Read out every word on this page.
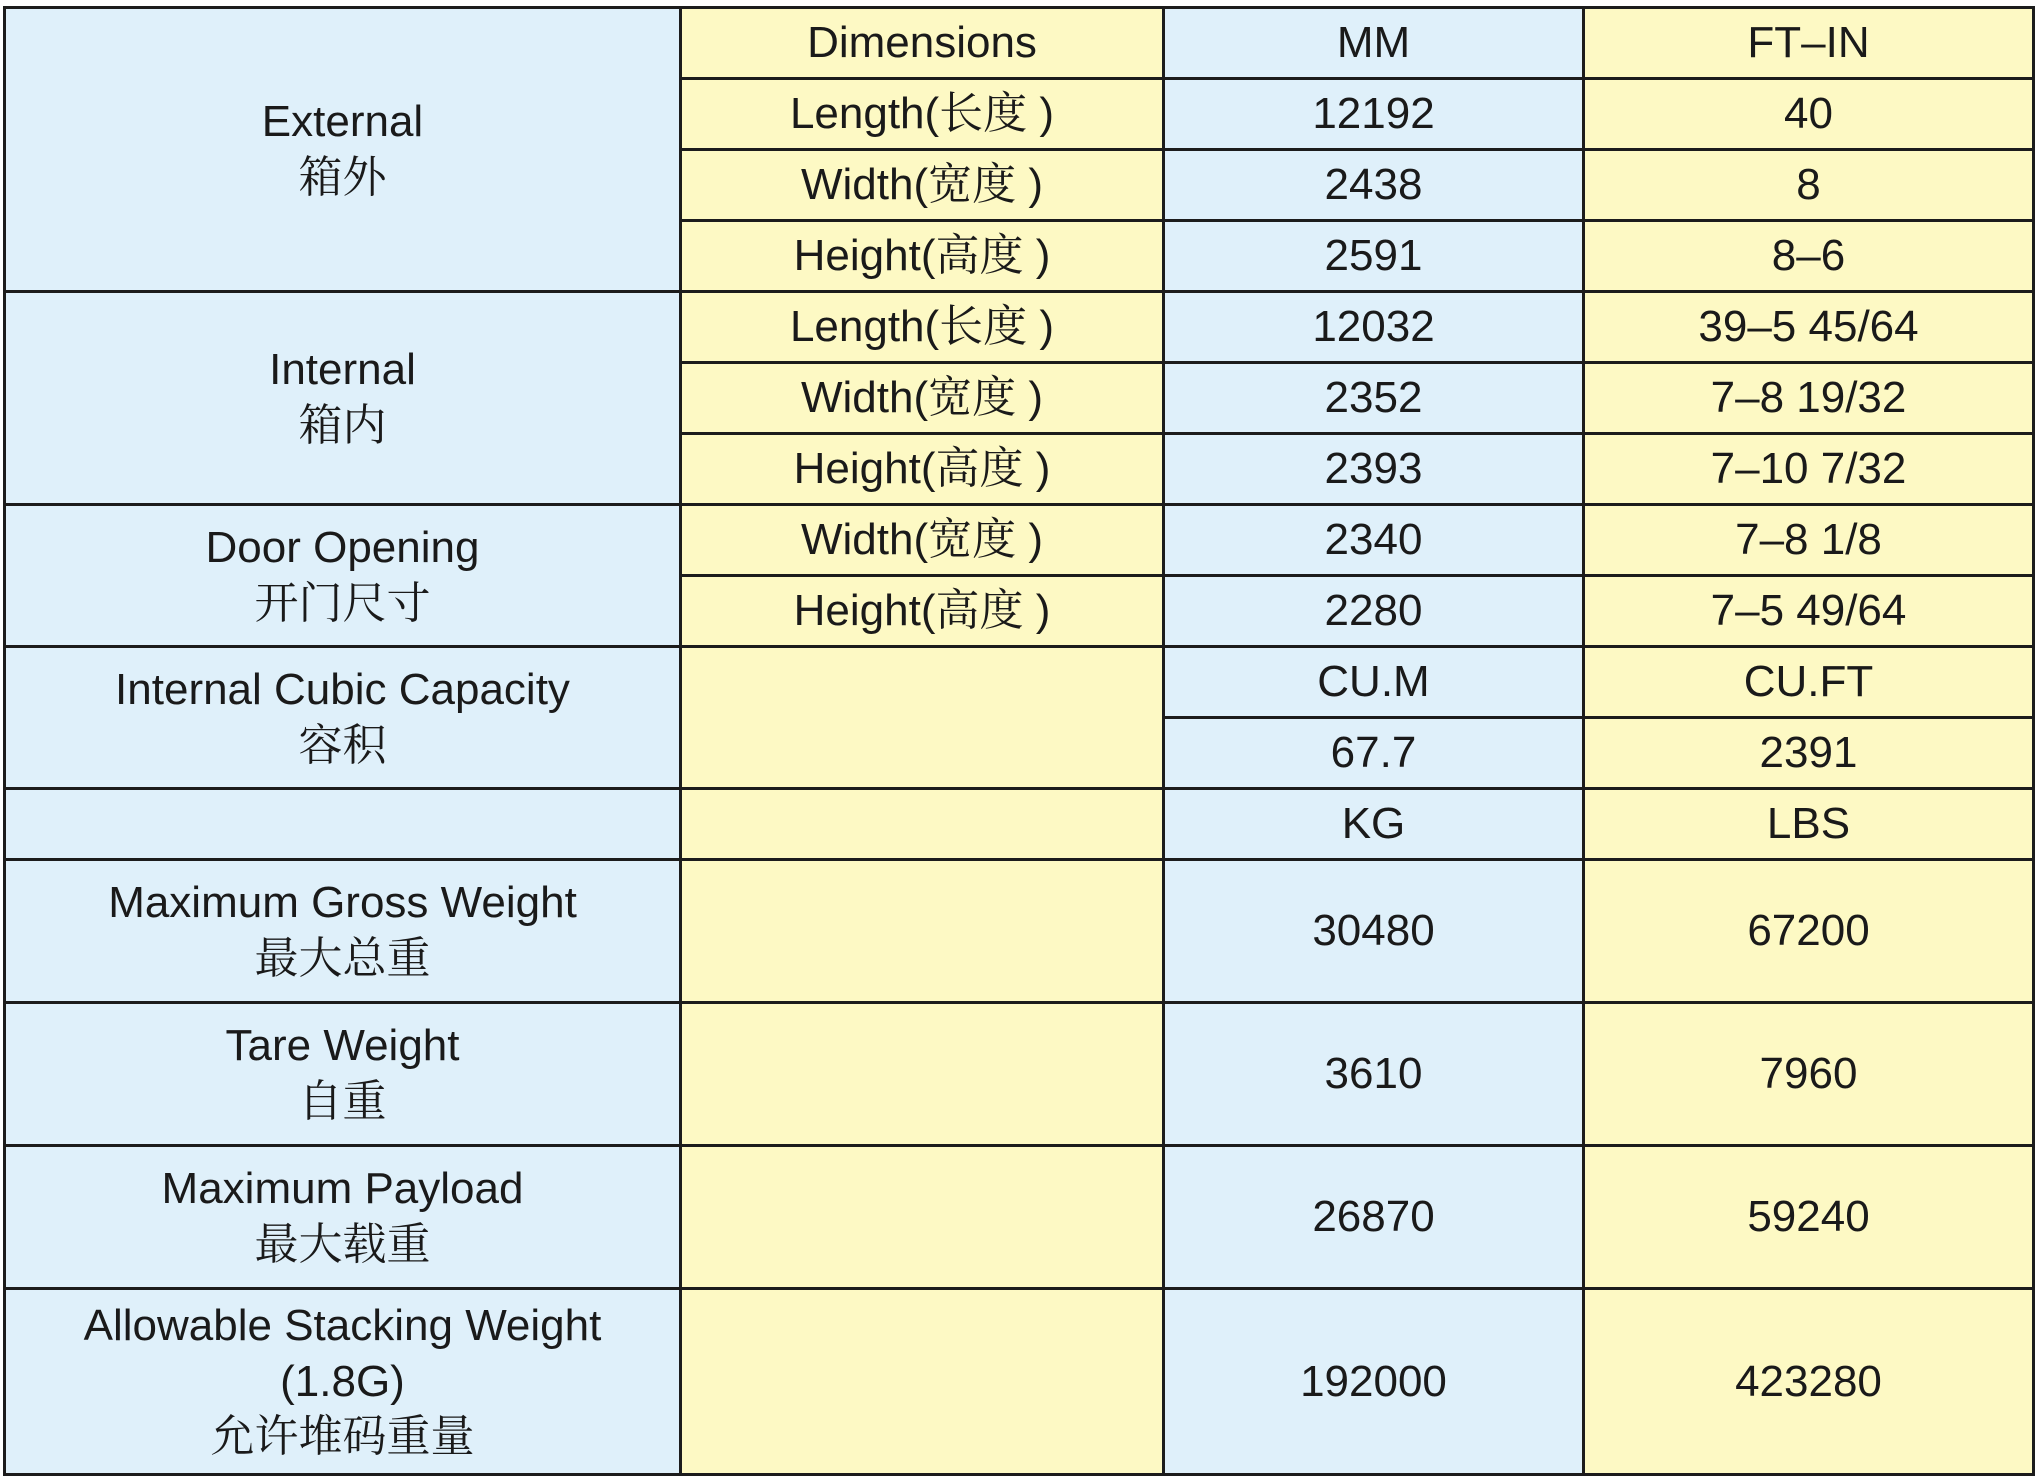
External
箱外	Dimensions	MM	FT–IN
	Length(长度 )	12192	40
	Width(宽度 )	2438	8
	Height(高度 )	2591	8–6

Internal
箱内	Length(长度 )	12032	39–5 45/64
	Width(宽度 )	2352	7–8 19/32
	Height(高度 )	2393	7–10 7/32

Door Opening
开门尺寸	Width(宽度 )	2340	7–8 1/8
	Height(高度 )	2280	7–5 49/64

Internal Cubic Capacity
容积		CU.M	CU.FT
		67.7	2391
		KG	LBS

Maximum Gross Weight
最大总重		30480	67200

Tare Weight
自重		3610	7960

Maximum Payload
最大载重		26870	59240

Allowable Stacking Weight
(1.8G)
允许堆码重量		192000	423280
